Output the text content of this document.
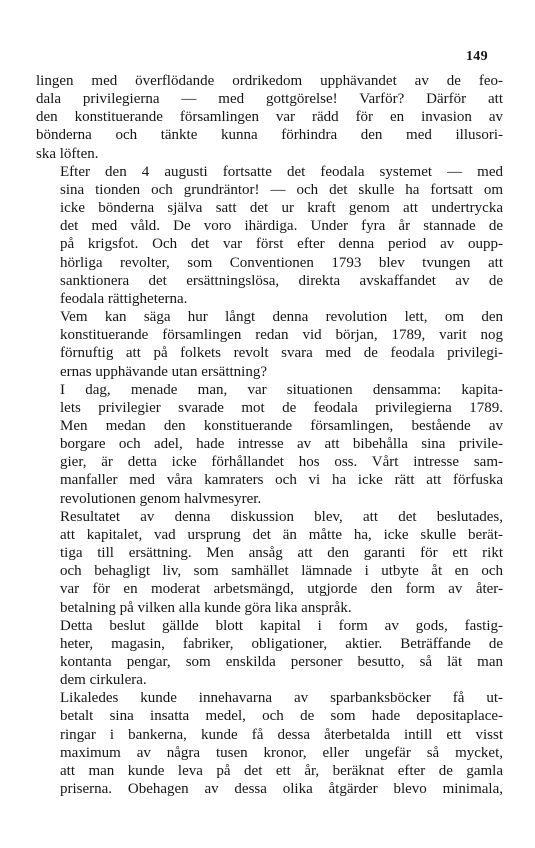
149

lingen med överflödande ordrikedom upphävandet av de feo-
dala privilegierna — med gottgörelse! Varför? Därför att
den konstituerande församlingen var rädd för en invasion av
bönderna och tänkte kunna förhindra den med illusori-
ska löften.

Efter den 4 augusti fortsatte det feodala systemet — med
sina tionden och grundräntor! — och det skulle ha fortsatt om
icke bönderna själva satt det ur kraft genom att undertrycka
det med våld. De voro ihärdiga. Under fyra år stannade de
på krigsfot. Och det var först efter denna period av oupp-
hörliga revolter, som Conventionen 1793 blev tvungen att
sanktionera det ersättningslösa, direkta avskaffandet av de
feodala rättigheterna.

Vem kan säga hur långt denna revolution lett, om den
konstituerande församlingen redan vid början, 1789, varit nog
förnuftig att på folkets revolt svara med de feodala privilegi-
ernas upphävande utan ersättning?

I dag, menade man, var situationen densamma: kapita-
lets privilegier svarade mot de feodala privilegierna 1789.
Men medan den konstituerande församlingen, bestående av
borgare och adel, hade intresse av att bibehålla sina privile-
gier, är detta icke förhållandet hos oss. Vårt intresse sam-
manfaller med våra kamraters och vi ha icke rätt att förfuska
revolutionen genom halvmesyrer.

Resultatet av denna diskussion blev, att det beslutades,
att kapitalet, vad ursprung det än måtte ha, icke skulle berät-
tiga till ersättning. Men ansåg att den garanti för ett rikt
och behagligt liv, som samhället lämnade i utbyte åt en och
var för en moderat arbetsmängd, utgjorde den form av åter-
betalning på vilken alla kunde göra lika anspråk.

Detta beslut gällde blott kapital i form av gods, fastig-
heter, magasin, fabriker, obligationer, aktier. Beträffande de
kontanta pengar, som enskilda personer besutto, så lät man
dem cirkulera.

Likaledes kunde innehavarna av sparbanksböcker få ut-
betalt sina insatta medel, och de som hade depositaplace-
ringar i bankerna, kunde få dessa återbetalda intill ett visst
maximum av några tusen kronor, eller ungefär så mycket,
att man kunde leva på det ett år, beräknat efter de gamla
priserna. Obehagen av dessa olika åtgärder blevo minimala,
